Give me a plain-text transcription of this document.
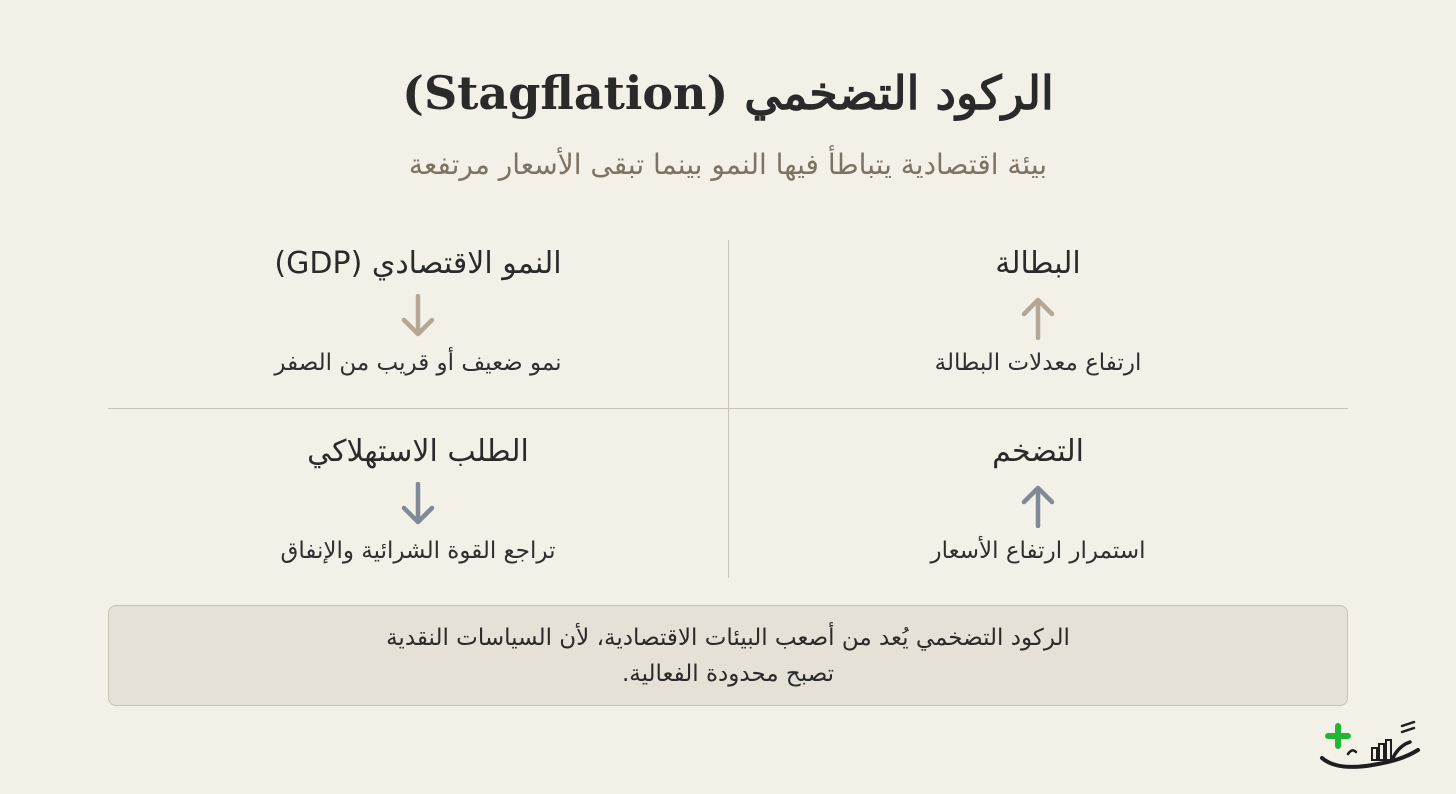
الركود التضخمي (Stagflation)
بيئة اقتصادية يتباطأ فيها النمو بينما تبقى الأسعار مرتفعة
البطالة
ارتفاع معدلات البطالة
النمو الاقتصادي (GDP)
نمو ضعيف أو قريب من الصفر
التضخم
استمرار ارتفاع الأسعار
الطلب الاستهلاكي
تراجع القوة الشرائية والإنفاق
الركود التضخمي يُعد من أصعب البيئات الاقتصادية، لأن السياسات النقدية
تصبح محدودة الفعالية.
